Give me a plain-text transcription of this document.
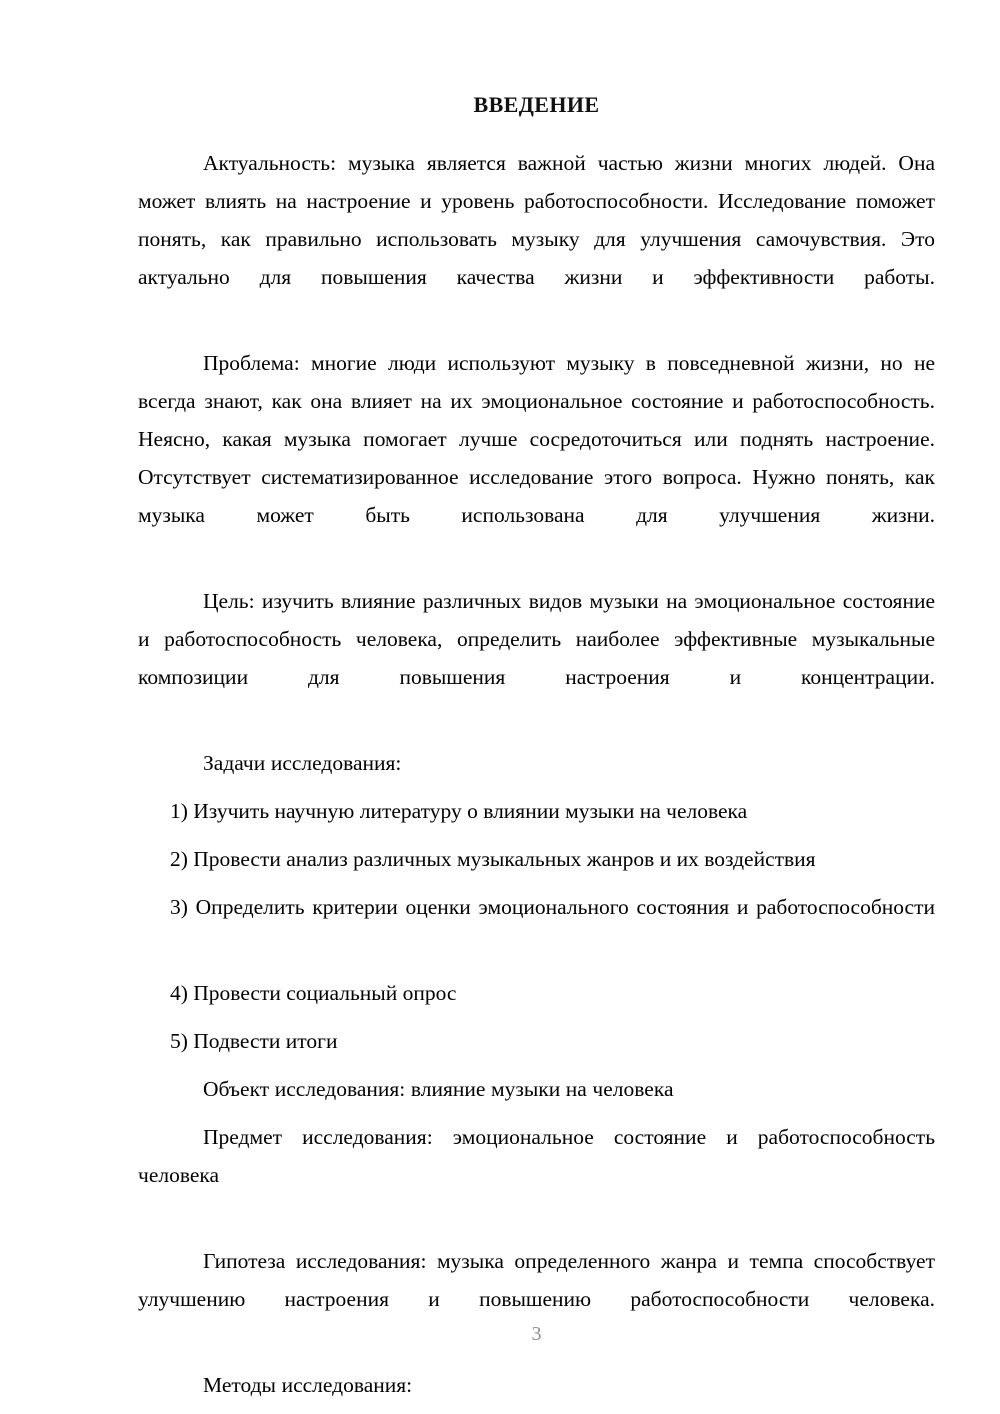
ВВЕДЕНИЕ

Актуальность: музыка является важной частью жизни многих людей. Она может влиять на настроение и уровень работоспособности. Исследование поможет понять, как правильно использовать музыку для улучшения самочувствия. Это актуально для повышения качества жизни и эффективности работы.

Проблема: многие люди используют музыку в повседневной жизни, но не всегда знают, как она влияет на их эмоциональное состояние и работоспособность. Неясно, какая музыка помогает лучше сосредоточиться или поднять настроение. Отсутствует систематизированное исследование этого вопроса. Нужно понять, как музыка может быть использована для улучшения жизни.

Цель: изучить влияние различных видов музыки на эмоциональное состояние и работоспособность человека, определить наиболее эффективные музыкальные композиции для повышения настроения и концентрации.

Задачи исследования:

1) Изучить научную литературу о влиянии музыки на человека

2) Провести анализ различных музыкальных жанров и их воздействия

3) Определить критерии оценки эмоционального состояния и работоспособности

4) Провести социальный опрос

5) Подвести итоги

Объект исследования: влияние музыки на человека

Предмет исследования: эмоциональное состояние и работоспособность человека

Гипотеза исследования: музыка определенного жанра и темпа способствует улучшению настроения и повышению работоспособности человека.

Методы исследования:

3
